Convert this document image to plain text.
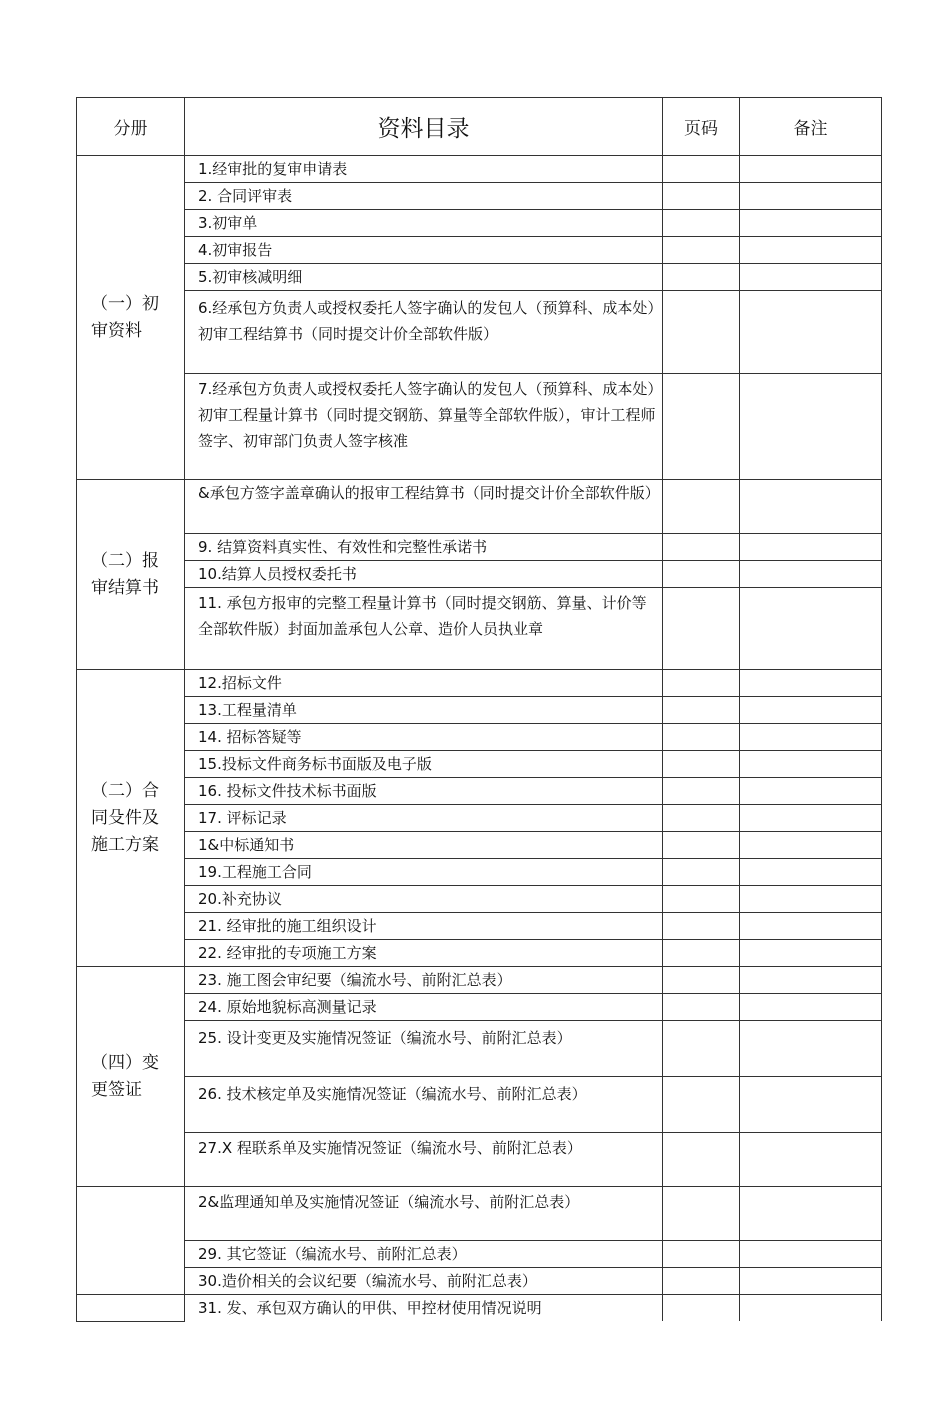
分册	资料目录	页码	备注
（一）初审资料	1.经审批的复审申请表		
	2. 合同评审表		
	3.初审单		
	4.初审报告		
	5.初审核减明细		
	6.经承包方负责人或授权委托人签字确认的发包人（预算科、成本处）初审工程结算书（同时提交计价全部软件版）		
	7.经承包方负责人或授权委托人签字确认的发包人（预算科、成本处）初审工程量计算书（同时提交钢筋、算量等全部软件版），审计工程师签字、初审部门负责人签字核准		
（二）报审结算书	&承包方签字盖章确认的报审工程结算书（同时提交计价全部软件版）		
	9. 结算资料真实性、有效性和完整性承诺书		
	10.结算人员授权委托书		
	11. 承包方报审的完整工程量计算书（同时提交钢筋、算量、计价等全部软件版）封面加盖承包人公章、造价人员执业章		
（二）合同殳件及施工方案	12.招标文件		
	13.工程量清单		
	14. 招标答疑等		
	15.投标文件商务标书面版及电子版		
	16. 投标文件技术标书面版		
	17. 评标记录		
	1&中标通知书		
	19.工程施工合同		
	20.补充协议		
	21. 经审批的施工组织设计		
	22. 经审批的专项施工方案		
（四）变更签证	23. 施工图会审纪要（编流水号、前附汇总表）		
	24. 原始地貌标高测量记录		
	25. 设计变更及实施情况签证（编流水号、前附汇总表）		
	26. 技术核定单及实施情况签证（编流水号、前附汇总表）		
	27.X 程联系单及实施情况签证（编流水号、前附汇总表）		
	2&监理通知单及实施情况签证（编流水号、前附汇总表）		
	29. 其它签证（编流水号、前附汇总表）		
	30.造价相关的会议纪要（编流水号、前附汇总表）		
	31. 发、承包双方确认的甲供、甲控材使用情况说明		
